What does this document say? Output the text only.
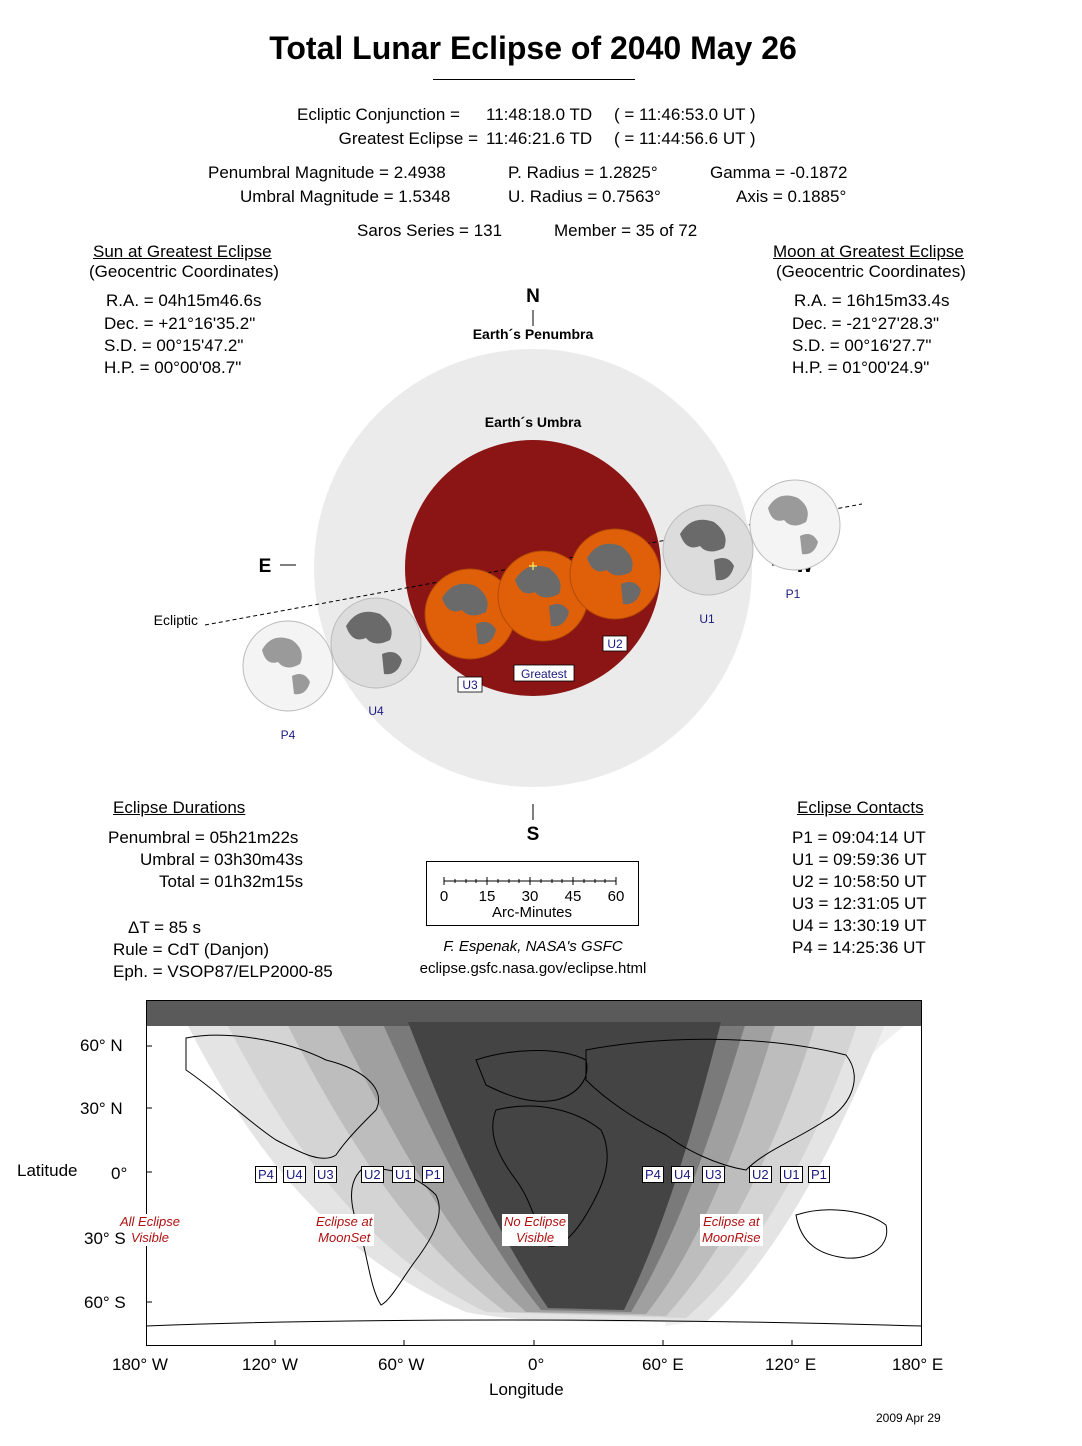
Total Lunar Eclipse of 2040 May 26
Ecliptic Conjunction = 11:48:18.0 TD ( = 11:46:53.0 UT )
Greatest Eclipse = 11:46:21.6 TD ( = 11:44:56.6 UT )
Penumbral Magnitude = 2.4938
Umbral Magnitude = 1.5348
P. Radius = 1.2825°
U. Radius = 0.7563°
Gamma = -0.1872
Axis = 0.1885°
Saros Series = 131	Member = 35 of 72
Sun at Greatest Eclipse
(Geocentric Coordinates)
R.A. = 04h15m46.6s
Dec. = +21°16'35.2"
S.D. = 00°15'47.2"
H.P. = 00°00'08.7"
Moon at Greatest Eclipse
(Geocentric Coordinates)
R.A. = 16h15m33.4s
Dec. = -21°27'28.3"
S.D. = 00°16'27.7"
H.P. = 01°00'24.9"
N
S
Earth´s Penumbra
Earth´s Umbra
E
Ecliptic
P1
U1
U2
U3
U4
P4
Greatest
Eclipse Durations
Penumbral = 05h21m22s
Umbral = 03h30m43s
Total = 01h32m15s
ΔT = 85 s
Rule = CdT (Danjon)
Eph. = VSOP87/ELP2000-85
Eclipse Contacts
P1 = 09:04:14 UT
U1 = 09:59:36 UT
U2 = 10:58:50 UT
U3 = 12:31:05 UT
U4 = 13:30:19 UT
P4 = 14:25:36 UT
0 15 30 45 60
Arc-Minutes
F. Espenak, NASA's GSFC
eclipse.gsfc.nasa.gov/eclipse.html
P4 U4 U3 U2 U1 P1	P4 U4 U3 U2 U1 P1
All Eclipse
Visible
Eclipse at
MoonSet
No Eclipse
Visible
Eclipse at
MoonRise
Latitude
60° N
30° N
0°
30° S
60° S
180° W	120° W	60° W	0°	60° E	120° E	180° E
Longitude
2009 Apr 29
